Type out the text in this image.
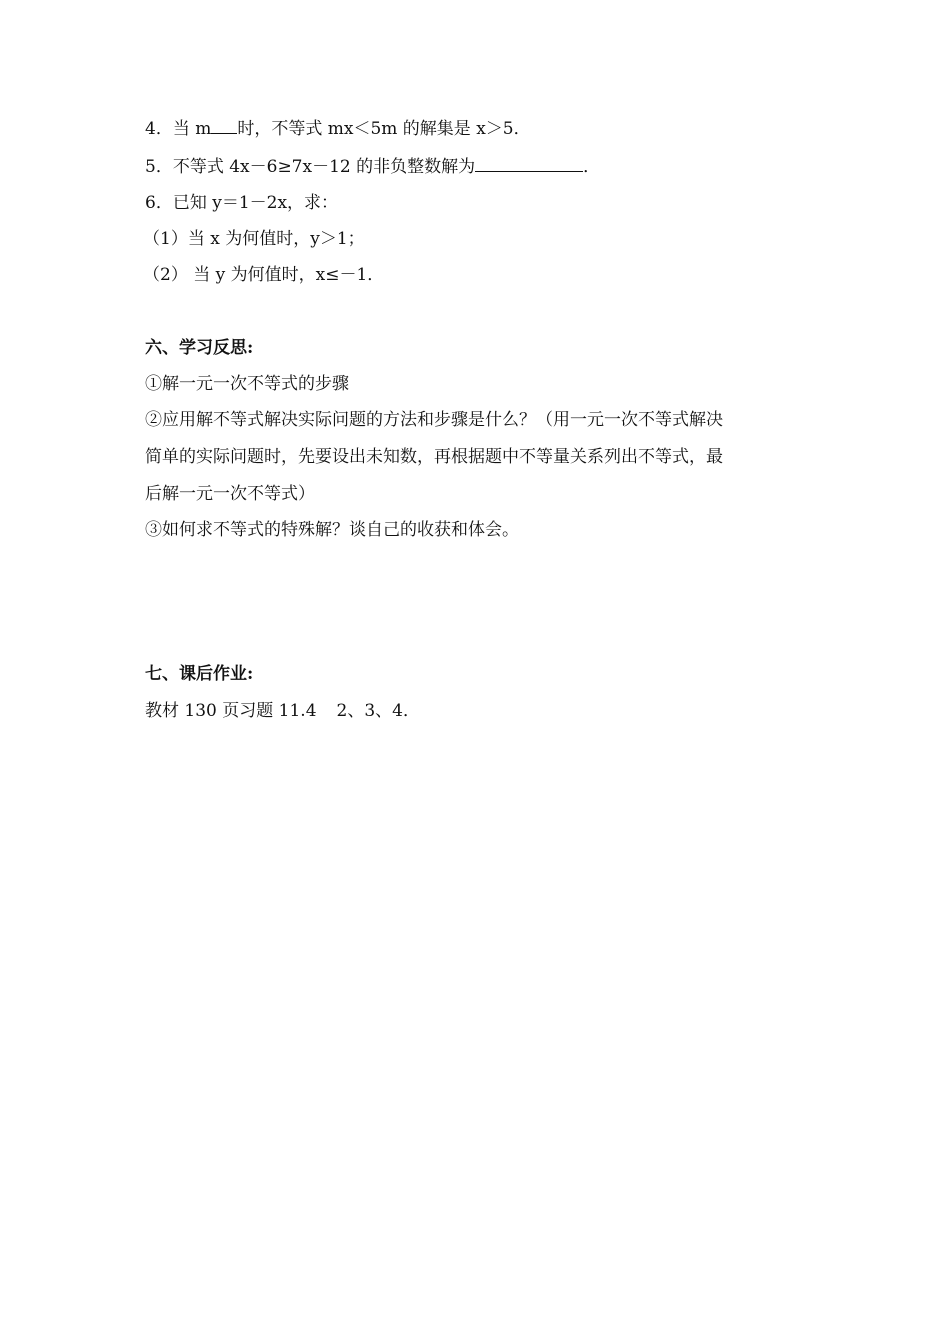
4．当 m 时，不等式 mx＜5m 的解集是 x＞5．
5．不等式 4x－6≥7x－12 的非负整数解为	．
6．已知 y＝1－2x，求：
（1）当 x 为何值时，y＞1；
（2） 当 y 为何值时，x≤－1．
六、学习反思:
①解一元一次不等式的步骤
②应用解不等式解决实际问题的方法和步骤是什么？（用一元一次不等式解决
简单的实际问题时，先要设出未知数，再根据题中不等量关系列出不等式，最
后解一元一次不等式）
③如何求不等式的特殊解？谈自己的收获和体会。
七、课后作业:
教材 130 页习题 11.4 2、3、4．
